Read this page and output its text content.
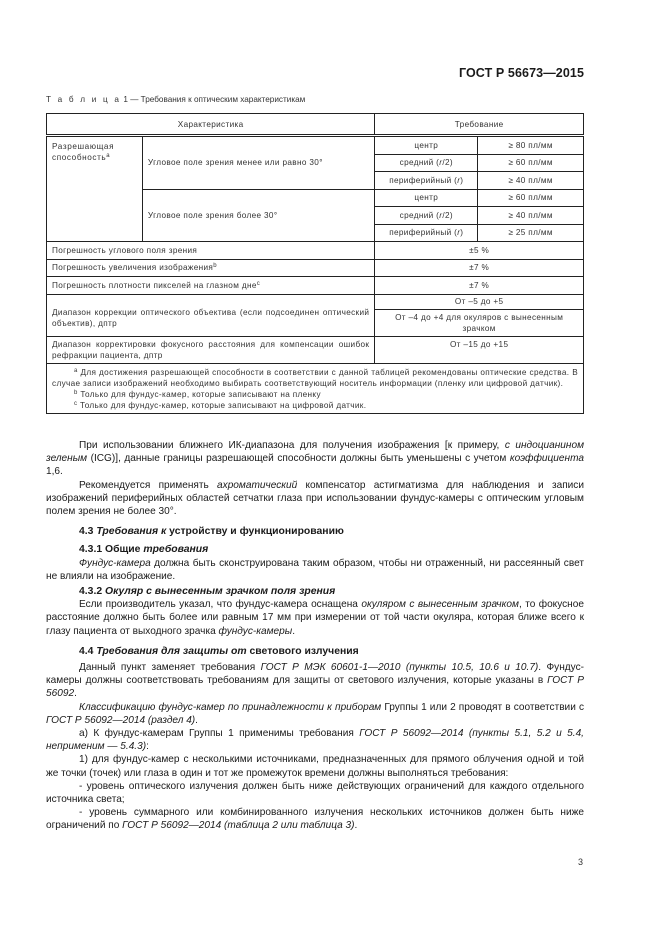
ГОСТ Р 56673—2015
Т а б л и ц а 1 — Требования к оптическим характеристикам
Характеристика		Требование	
Разрешающая способность$^a$	Угловое поле зрения менее или равно 30°	центр	≥ 80 пл/мм
		средний (r/2)	≥ 60 пл/мм
		периферийный (r)	≥ 40 пл/мм
	Угловое поле зрения более 30°	центр	≥ 60 пл/мм
		средний (r/2)	≥ 40 пл/мм
		периферийный (r)	≥ 25 пл/мм
Погрешность углового поля зрения		±5 %	
Погрешность увеличения изображения$^b$		±7 %	
Погрешность плотности пикселей на глазном дне$^c$		±7 %	
Диапазон коррекции оптического объектива (если подсоединен оптический объектив), дптр		От –5 до +5	
		От –4 до +4 для окуляров с вынесенным зрачком	
Диапазон корректировки фокусного расстояния для компенсации ошибок рефракции пациента, дптр		От –15 до +15	

$^a$ Для достижения разрешающей способности в соответствии с данной таблицей рекомендованы оптические средства. В случае записи изображений необходимо выбирать соответствующий носитель информации (пленку или цифровой датчик).
$^b$ Только для фундус-камер, которые записывают на пленку
$^c$ Только для фундус-камер, которые записывают на цифровой датчик.			

При использовании ближнего ИК-диапазона для получения изображения [к примеру, с индоцианином зеленым (ICG)], данные границы разрешающей способности должны быть уменьшены с учетом коэффициента 1,6.

Рекомендуется применять ахроматический компенсатор астигматизма для наблюдения и записи изображений периферийных областей сетчатки глаза при использовании фундус-камеры с оптическим угловым полем зрения не более 30°.

4.3 Требования к устройству и функционированию

4.3.1 Общие требования

Фундус-камера должна быть сконструирована таким образом, чтобы ни отраженный, ни рассеянный свет не влияли на изображение.

4.3.2 Окуляр с вынесенным зрачком поля зрения

Если производитель указал, что фундус-камера оснащена окуляром с вынесенным зрачком, то фокусное расстояние должно быть более или равным 17 мм при измерении от той части окуляра, которая ближе всего к глазу пациента от выходного зрачка фундус-камеры.

4.4 Требования для защиты от светового излучения

Данный пункт заменяет требования ГОСТ Р МЭК 60601-1—2010 (пункты 10.5, 10.6 и 10.7). Фундус-камеры должны соответствовать требованиям для защиты от светового излучения, которые указаны в ГОСТ Р 56092.

Классификацию фундус-камер по принадлежности к приборам Группы 1 или 2 проводят в соответствии с ГОСТ Р 56092—2014 (раздел 4).

а) К фундус-камерам Группы 1 применимы требования ГОСТ Р 56092—2014 (пункты 5.1, 5.2 и 5.4, неприменим — 5.4.3):

1) для фундус-камер с несколькими источниками, предназначенных для прямого облучения одной и той же точки (точек) или глаза в один и тот же промежуток времени должны выполняться требования:

- уровень оптического излучения должен быть ниже действующих ограничений для каждого отдельного источника света;

- уровень суммарного или комбинированного излучения нескольких источников должен быть ниже ограничений по ГОСТ Р 56092—2014 (таблица 2 или таблица 3).

3
